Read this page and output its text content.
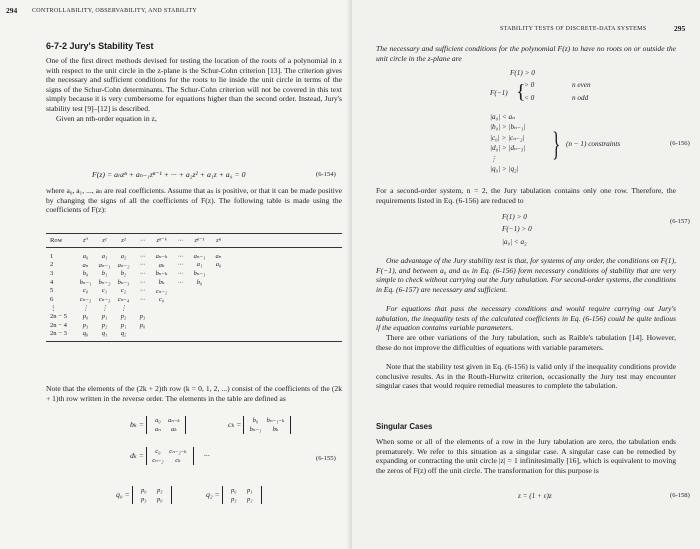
294 CONTROLLABILITY, OBSERVABILITY, AND STABILITY
6-7-2 Jury's Stability Test

One of the first direct methods devised for testing the location of the roots of a polynomial in z with respect to the unit circle in the z-plane is the Schur-Cohn criterion [13]. The criterion gives the necessary and sufficient conditions for the roots to lie inside the unit circle in terms of the signs of the Schur-Cohn determinants. The Schur-Cohn criterion will not be covered in this text simply because it is very cumbersome for equations higher than the second order. Instead, Jury's stability test [9]–[12] is described.

Given an nth-order equation in z,

F(z) = aₙzⁿ + aₙ₋₁zⁿ⁻¹ + ··· + a₂z² + a₁z + a₀ = 0	(6-154)
where a₀, a₁, ..., aₙ are real coefficients. Assume that aₙ is positive, or that it can be made positive by changing the signs of all the coefficients of F(z). The following table is made using the coefficients of F(z):
Row	z⁰	z¹	z²	···	zⁿ⁻ᵏ	···	zⁿ⁻¹	zⁿ
1	a₀	a₁	a₂	···	aₙ₋ₖ	···	aₙ₋₁	aₙ
2	aₙ	aₙ₋₁	aₙ₋₂	···	aₖ	···	a₁	a₀
3	b₀	b₁	b₂	···	bₙ₋ₖ	···	bₙ₋₁	
4	bₙ₋₁	bₙ₋₂	bₙ₋₃	···	bₖ	···	b₀	
5	c₀	c₁	c₂	···	cₙ₋₂			
6	cₙ₋₂	cₙ₋₃	cₙ₋₄	···	c₀			
⋮	⋮	⋮	⋮					
2n − 5	p₀	p₁	p₂	p₃				
2n − 4	p₃	p₂	p₁	p₀				
2n − 3	q₀	q₁	q₂					
Note that the elements of the (2k + 2)th row (k = 0, 1, 2, ...) consist of the coefficients of the (2k + 1)th row written in the reverse order. The elements in the table are defined as
bₖ = a₀ aₙ₋ₖ
aₙ aₖ
cₖ = b₀ bₙ₋₁₋ₖ
bₙ₋₁ bₖ
dₖ = c₀ cₙ₋₂₋ₖ
cₙ₋₂ cₖ ···	(6-155)
q₀ = p₀ p₃
p₃ p₀
q₂ = p₀ p₁
p₃ p₂
STABILITY TESTS OF DISCRETE-DATA SYSTEMS	295
The necessary and sufficient conditions for the polynomial F(z) to have no roots on or outside the unit circle in the z-plane are
F(1) > 0
F(−1) {
> 0	n even
< 0	n odd
|a₀| < aₙ
|b₀| > |bₙ₋₁|
|c₀| > |cₙ₋₂|
|d₀| > |dₙ₋₃|
⋮
|q₀| > |q₂|
} (n − 1) constraints	(6-156)
For a second-order system, n = 2, the Jury tabulation contains only one row. Therefore, the requirements listed in Eq. (6-156) are reduced to
F(1) > 0
F(−1) > 0
|a₀| < a₂
(6-157)
One advantage of the Jury stability test is that, for systems of any order, the conditions on F(1), F(−1), and between a₀ and aₙ in Eq. (6-156) form necessary conditions of stability that are very simple to check without carrying out the Jury tabulation. For second-order systems, the conditions in Eq. (6-157) are necessary and sufficient.
For equations that pass the necessary conditions and would require carrying out Jury's tabulation, the inequality tests of the calculated coefficients in Eq. (6-156) could be quite tedious if the equation contains variable parameters.
There are other variations of the Jury tabulation, such as Raible's tabulation [14]. However, these do not improve the difficulties of equations with variable parameters.
Note that the stability test given in Eq. (6-156) is valid only if the inequality conditions provide conclusive results. As in the Routh-Hurwitz criterion, occasionally the Jury test may encounter singular cases that would require remedial measures to complete the tabulation.
Singular Cases
When some or all of the elements of a row in the Jury tabulation are zero, the tabulation ends prematurely. We refer to this situation as a singular case. A singular case can be remedied by expanding or contracting the unit circle |z| = 1 infinitesimally [16], which is equivalent to moving the zeros of F(z) off the unit circle. The transformation for this purpose is
z = (1 + ε)z	(6-158)
